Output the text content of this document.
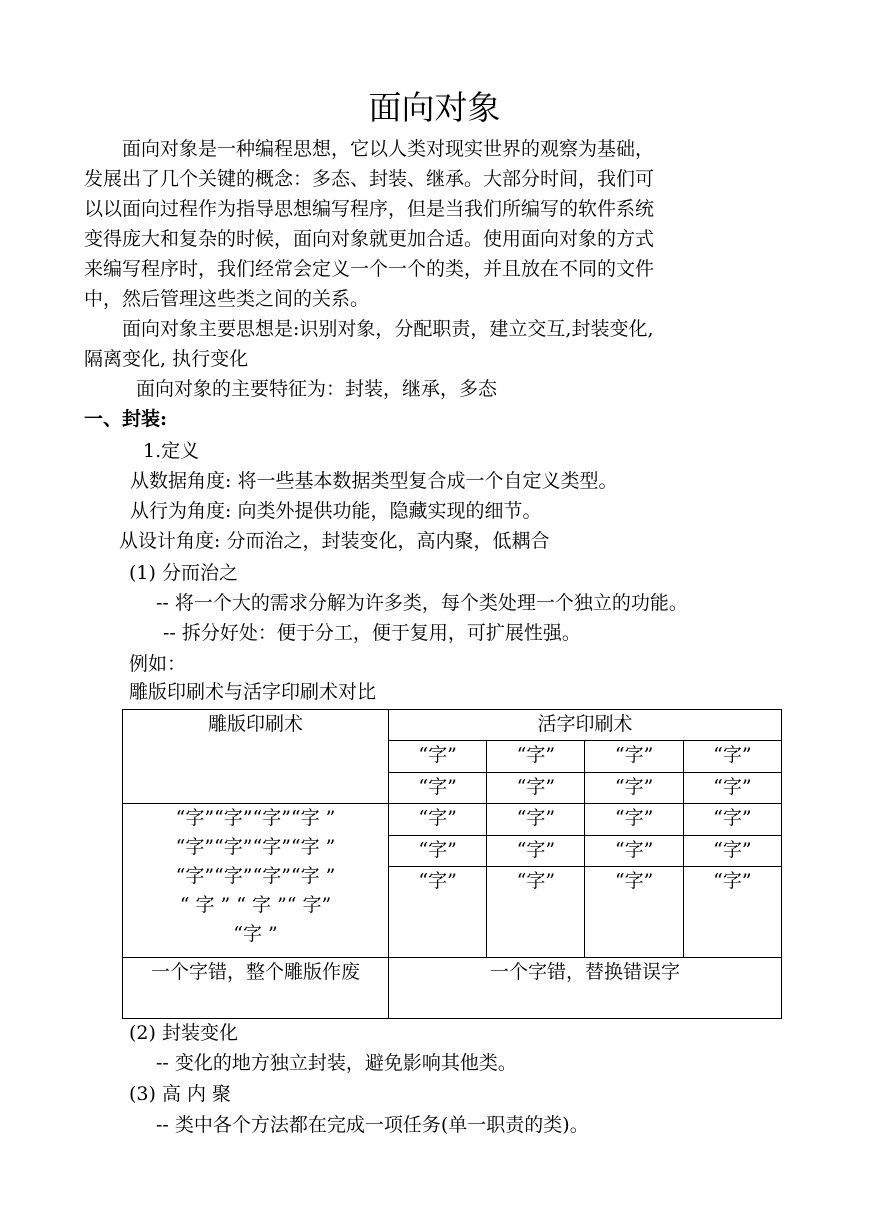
面向对象
面向对象是一种编程思想，它以人类对现实世界的观察为基础，
发展出了几个关键的概念：多态、封装、继承。大部分时间，我们可
以以面向过程作为指导思想编写程序，但是当我们所编写的软件系统
变得庞大和复杂的时候，面向对象就更加合适。使用面向对象的方式
来编写程序时，我们经常会定义一个一个的类，并且放在不同的文件
中，然后管理这些类之间的关系。
面向对象主要思想是:识别对象，分配职责，建立交互,封装变化,
隔离变化, 执行变化
面向对象的主要特征为：封装，继承，多态
一、封装:
1.定义
从数据角度: 将一些基本数据类型复合成一个自定义类型。
从行为角度: 向类外提供功能，隐藏实现的细节。
从设计角度: 分而治之，封装变化，高内聚，低耦合
(1) 分而治之
-- 将一个大的需求分解为许多类，每个类处理一个独立的功能。
-- 拆分好处：便于分工，便于复用，可扩展性强。
例如：
雕版印刷术与活字印刷术对比
雕版印刷术	活字印刷术			
	“字”	“字”	“字”	“字”
	“字”	“字”	“字”	“字”

“字”“字”“字”“字 ”
“字”“字”“字”“字 ”
“字”“字”“字”“字 ”
“ 字 ” “ 字 ”“ 字”
“字 ”	“字”	“字”	“字”	“字”
	“字”	“字”	“字”	“字”
	“字”	“字”	“字”	“字”
一个字错，整个雕版作废	一个字错，替换错误字			
(2) 封装变化
-- 变化的地方独立封装，避免影响其他类。
(3) 高 内 聚
-- 类中各个方法都在完成一项任务(单一职责的类)。
